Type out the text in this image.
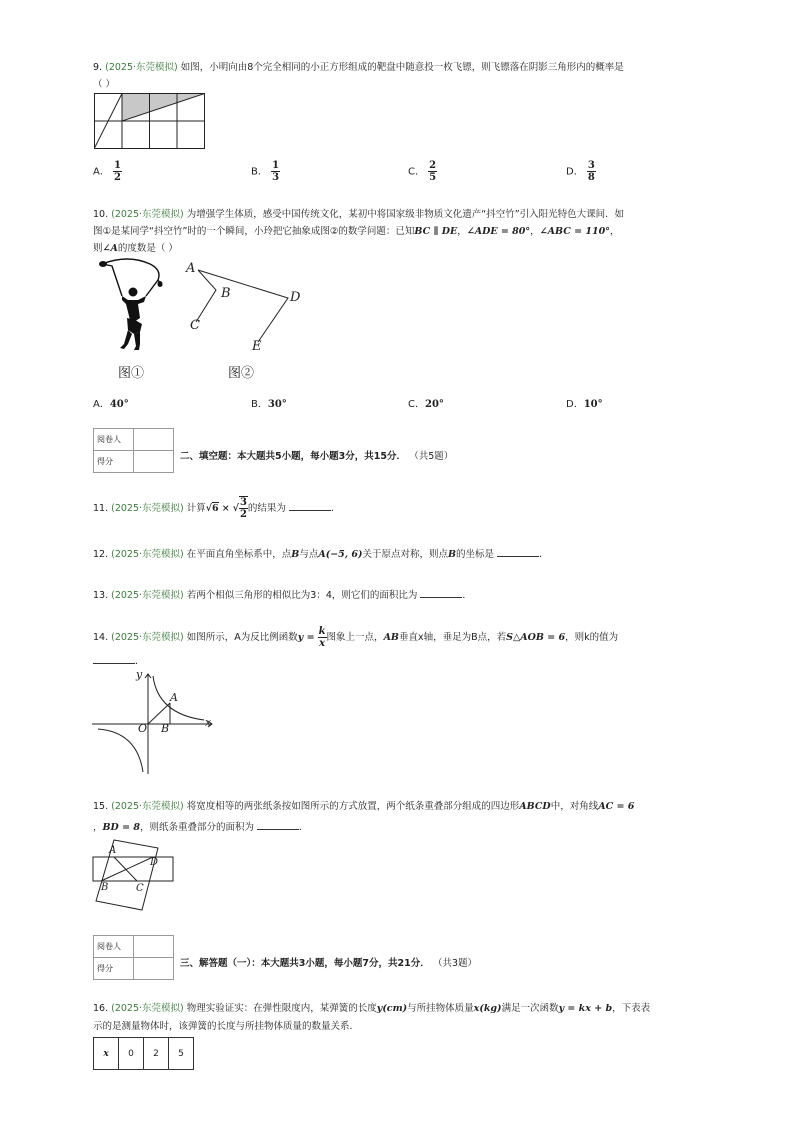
9. (2025·东莞模拟) 如图，小明向由8个完全相同的小正方形组成的靶盘中随意投一枚飞镖，则飞镖落在阴影三角形内的概率是
（ ）
A． $\frac{1}{2}$	B． $\frac{1}{3}$	C． $\frac{2}{5}$	D． $\frac{3}{8}$
10. (2025·东莞模拟) 为增强学生体质，感受中国传统文化，某初中将国家级非物质文化遗产“抖空竹”引入阳光特色大课间．如
图①是某同学“抖空竹”时的一个瞬间，小玲把它抽象成图②的数学问题：已知BC ∥ DE，∠ADE = 80°，∠ABC = 110°，
则∠A的度数是（ ）
A
B
C
D
E
图①	图②
A．40°	B．30°	C．20°	D．10°
阅卷人	
得分		二、填空题：本大题共5小题，每小题3分，共15分． （共5题）
11. (2025·东莞模拟) 计算√6 × √ $\frac{3}{2}$ 的结果为	．
12. (2025·东莞模拟) 在平面直角坐标系中，点B与点A(−5, 6)关于原点对称，则点B的坐标是	．
13. (2025·东莞模拟) 若两个相似三角形的相似比为3：4，则它们的面积比为	．
14. (2025·东莞模拟) 如图所示，A为反比例函数$y = \frac{k}{x}$ 图象上一点，AB垂直x轴，垂足为B点，若S△AOB = 6，则k的值为
．
y
x
O
A
B
15. (2025·东莞模拟) 将宽度相等的两张纸条按如图所示的方式放置，两个纸条重叠部分组成的四边形ABCD中，对角线AC = 6
，BD = 8，则纸条重叠部分的面积为	．
A
D
B	C
阅卷人	
得分		三、解答题（一）：本大题共3小题，每小题7分，共21分． （共3题）
16. (2025·东莞模拟) 物理实验证实：在弹性限度内，某弹簧的长度y(cm)与所挂物体质量x(kg)满足一次函数y = kx + b，下表表
示的是测量物体时，该弹簧的长度与所挂物体质量的数量关系．
x	0	2	5
